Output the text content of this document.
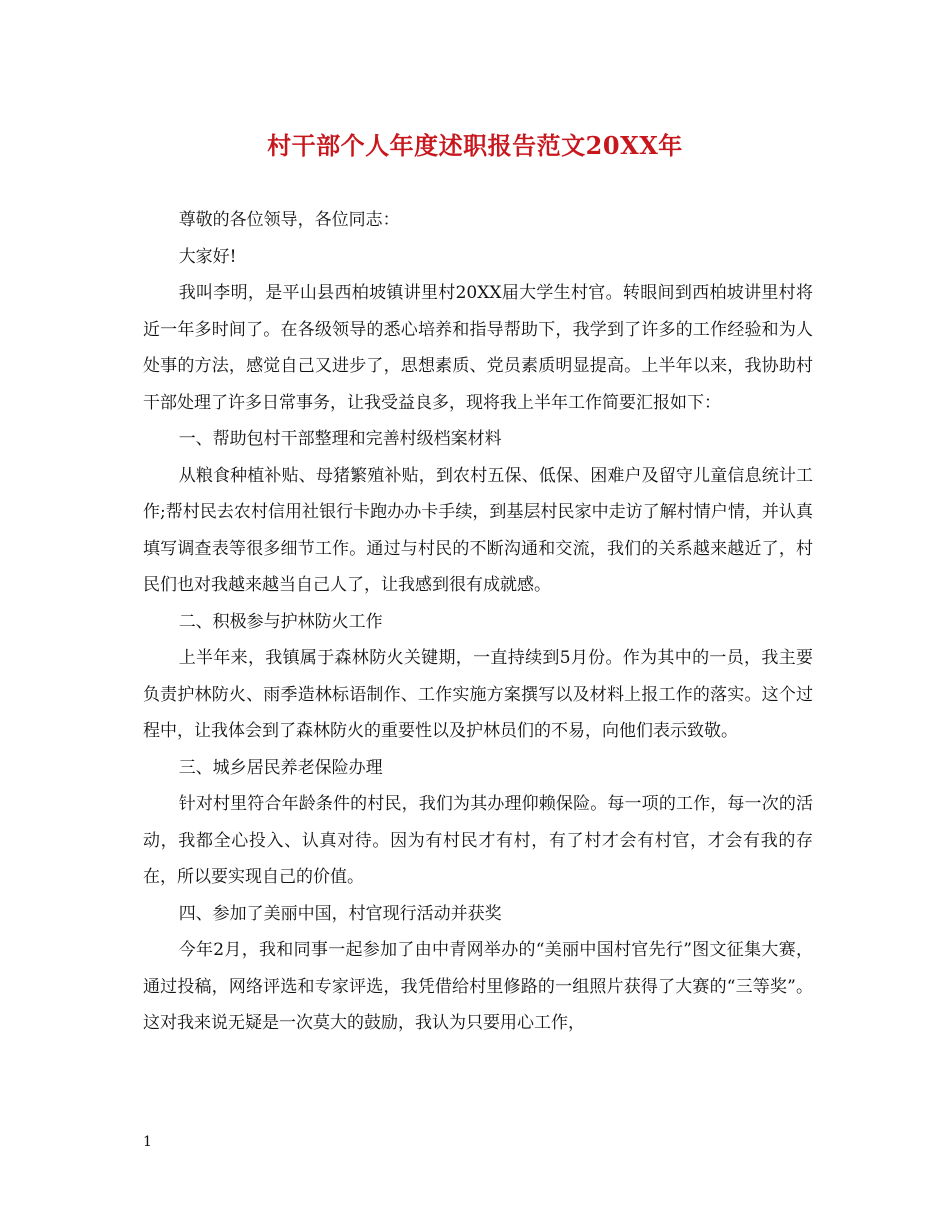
村干部个人年度述职报告范文20XX年

尊敬的各位领导，各位同志：

大家好!

我叫李明，是平山县西柏坡镇讲里村20XX届大学生村官。转眼间到西柏坡讲里村将近一年多时间了。在各级领导的悉心培养和指导帮助下，我学到了许多的工作经验和为人处事的方法，感觉自己又进步了，思想素质、党员素质明显提高。上半年以来，我协助村干部处理了许多日常事务，让我受益良多，现将我上半年工作简要汇报如下：

一、帮助包村干部整理和完善村级档案材料

从粮食种植补贴、母猪繁殖补贴，到农村五保、低保、困难户及留守儿童信息统计工作;帮村民去农村信用社银行卡跑办办卡手续，到基层村民家中走访了解村情户情，并认真填写调查表等很多细节工作。通过与村民的不断沟通和交流，我们的关系越来越近了，村民们也对我越来越当自己人了，让我感到很有成就感。

二、积极参与护林防火工作

上半年来，我镇属于森林防火关键期，一直持续到5月份。作为其中的一员，我主要负责护林防火、雨季造林标语制作、工作实施方案撰写以及材料上报工作的落实。这个过程中，让我体会到了森林防火的重要性以及护林员们的不易，向他们表示致敬。

三、城乡居民养老保险办理

针对村里符合年龄条件的村民，我们为其办理仰赖保险。每一项的工作，每一次的活动，我都全心投入、认真对待。因为有村民才有村，有了村才会有村官，才会有我的存在，所以要实现自己的价值。

四、参加了美丽中国，村官现行活动并获奖

今年2月，我和同事一起参加了由中青网举办的“美丽中国村官先行”图文征集大赛，通过投稿，网络评选和专家评选，我凭借给村里修路的一组照片获得了大赛的“三等奖”。这对我来说无疑是一次莫大的鼓励，我认为只要用心工作，

1
